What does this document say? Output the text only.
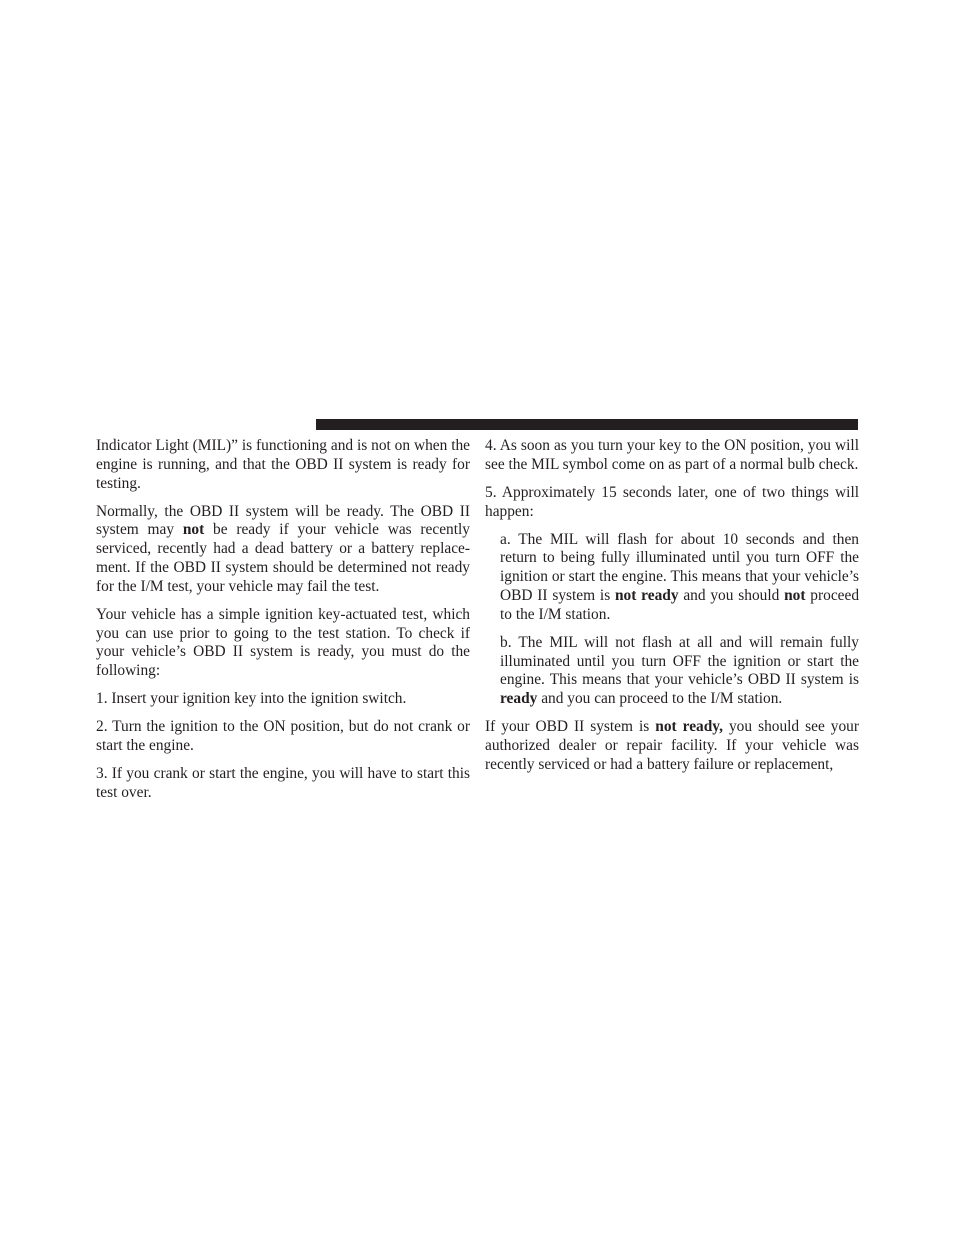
Indicator Light (MIL)” is functioning and is not on when the engine is running, and that the OBD II system is ready for testing.

Normally, the OBD II system will be ready. The OBD II system may not be ready if your vehicle was recently serviced, recently had a dead battery or a battery replacement. If the OBD II system should be determined not ready for the I/M test, your vehicle may fail the test.

Your vehicle has a simple ignition key-actuated test, which you can use prior to going to the test station. To check if your vehicle’s OBD II system is ready, you must do the following:

1. Insert your ignition key into the ignition switch.

2. Turn the ignition to the ON position, but do not crank or start the engine.

3. If you crank or start the engine, you will have to start this test over.

4. As soon as you turn your key to the ON position, you will see the MIL symbol come on as part of a normal bulb check.

5. Approximately 15 seconds later, one of two things will happen:

a. The MIL will flash for about 10 seconds and then return to being fully illuminated until you turn OFF the ignition or start the engine. This means that your vehicle’s OBD II system is not ready and you should not proceed to the I/M station.

b. The MIL will not flash at all and will remain fully illuminated until you turn OFF the ignition or start the engine. This means that your vehicle’s OBD II system is ready and you can proceed to the I/M station.

If your OBD II system is not ready, you should see your authorized dealer or repair facility. If your vehicle was recently serviced or had a battery failure or replacement,
